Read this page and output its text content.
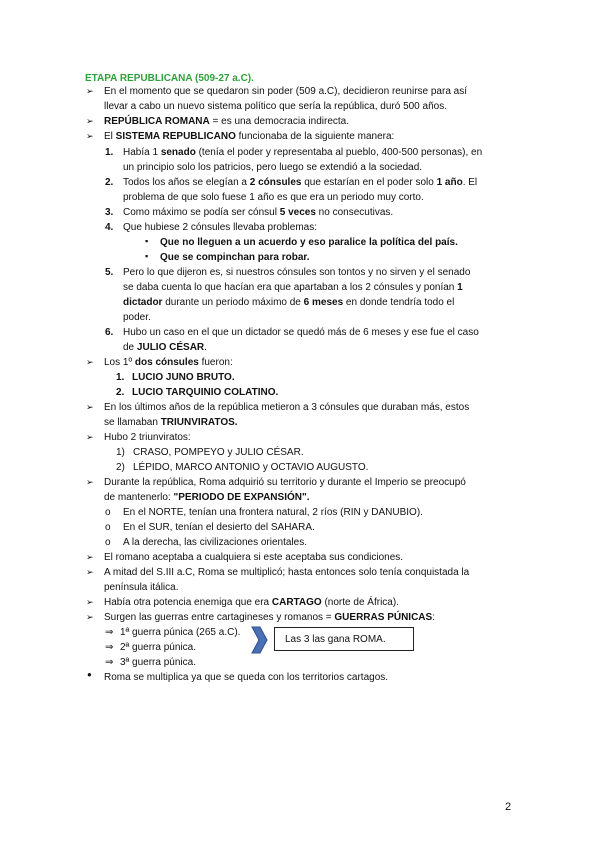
ETAPA REPUBLICANA (509-27 a.C).
➢ En el momento que se quedaron sin poder (509 a.C), decidieron reunirse para así
llevar a cabo un nuevo sistema político que sería la república, duró 500 años.
➢ REPÚBLICA ROMANA = es una democracia indirecta.
➢ El SISTEMA REPUBLICANO funcionaba de la siguiente manera:
1. Había 1 senado (tenía el poder y representaba al pueblo, 400-500 personas), en
un principio solo los patricios, pero luego se extendió a la sociedad.
2. Todos los años se elegían a 2 cónsules que estarían en el poder solo 1 año. El
problema de que solo fuese 1 año es que era un periodo muy corto.
3. Como máximo se podía ser cónsul 5 veces no consecutivas.
4. Que hubiese 2 cónsules llevaba problemas:
▪ Que no lleguen a un acuerdo y eso paralice la política del país.
▪ Que se compinchan para robar.
5. Pero lo que dijeron es, si nuestros cónsules son tontos y no sirven y el senado
se daba cuenta lo que hacían era que apartaban a los 2 cónsules y ponían 1
dictador durante un periodo máximo de 6 meses en donde tendría todo el
poder.
6. Hubo un caso en el que un dictador se quedó más de 6 meses y ese fue el caso
de JULIO CÉSAR.
➢ Los 1º dos cónsules fueron:
1. LUCIO JUNO BRUTO.
2. LUCIO TARQUINIO COLATINO.
➢ En los últimos años de la república metieron a 3 cónsules que duraban más, estos
se llamaban TRIUNVIRATOS.
➢ Hubo 2 triunviratos:
1) CRASO, POMPEYO y JULIO CÉSAR.
2) LÉPIDO, MARCO ANTONIO y OCTAVIO AUGUSTO.
➢ Durante la república, Roma adquirió su territorio y durante el Imperio se preocupó
de mantenerlo: "PERIODO DE EXPANSIÓN".
o En el NORTE, tenían una frontera natural, 2 ríos (RIN y DANUBIO).
o En el SUR, tenían el desierto del SAHARA.
o A la derecha, las civilizaciones orientales.
➢ El romano aceptaba a cualquiera si este aceptaba sus condiciones.
➢ A mitad del S.III a.C, Roma se multiplicó; hasta entonces solo tenía conquistada la
península itálica.
➢ Había otra potencia enemiga que era CARTAGO (norte de África).
➢ Surgen las guerras entre cartagineses y romanos = GUERRAS PÚNICAS:
⇒ 1ª guerra púnica (265 a.C).
⇒ 2ª guerra púnica.
⇒ 3ª guerra púnica.
Las 3 las gana ROMA.
● Roma se multiplica ya que se queda con los territorios cartagos.
2
